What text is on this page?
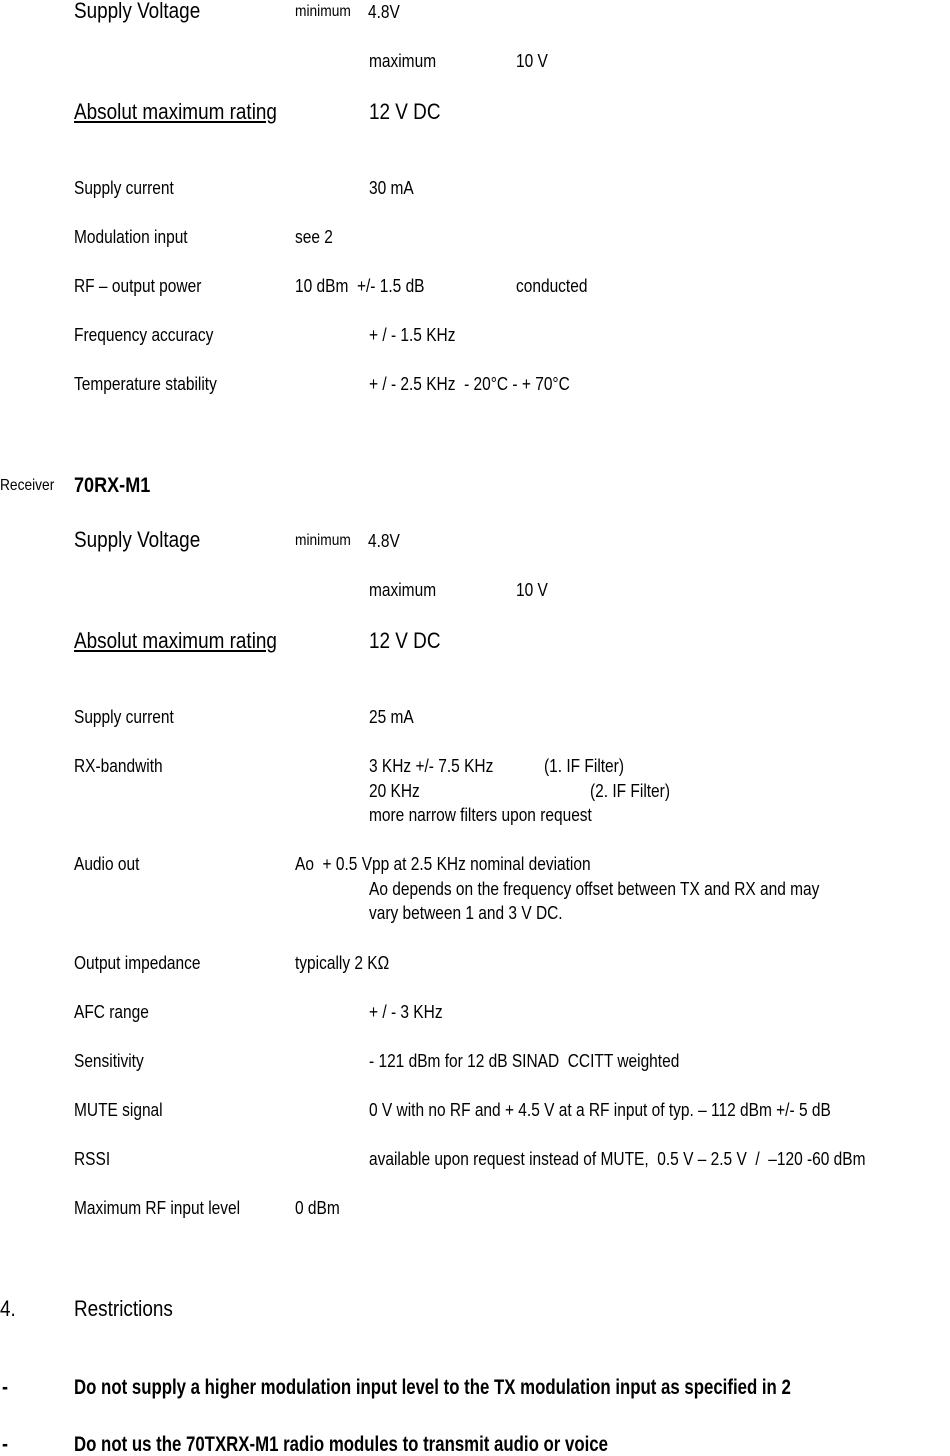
Supply Voltage	minimum 4.8V
maximum	10 V
Absolut maximum rating	12 V DC
Supply current	30 mA
Modulation input	see 2
RF – output power	10 dBm  +/- 1.5 dB	conducted
Frequency accuracy	+ / - 1.5 KHz
Temperature stability	+ / - 2.5 KHz  - 20°C - + 70°C
Receiver 70RX-M1
Supply Voltage	minimum 4.8V
maximum	10 V
Absolut maximum rating	12 V DC
Supply current	25 mA
RX-bandwith	3 KHz +/- 7.5 KHz	(1. IF Filter)
20 KHz	(2. IF Filter)
more narrow filters upon request
Audio out	Ao  + 0.5 Vpp at 2.5 KHz nominal deviation
Ao depends on the frequency offset between TX and RX and may
vary between 1 and 3 V DC.
Output impedance	typically 2 KΩ
AFC range	+ / - 3 KHz
Sensitivity	- 121 dBm for 12 dB SINAD  CCITT weighted
MUTE signal	0 V with no RF and + 4.5 V at a RF input of typ. – 112 dBm +/- 5 dB
RSSI	available upon request instead of MUTE,  0.5 V – 2.5 V  /  –120 -60 dBm
Maximum RF input level	0 dBm
4.	Restrictions
-	Do not supply a higher modulation input level to the TX modulation input as specified in 2
-	Do not us the 70TXRX-M1 radio modules to transmit audio or voice
